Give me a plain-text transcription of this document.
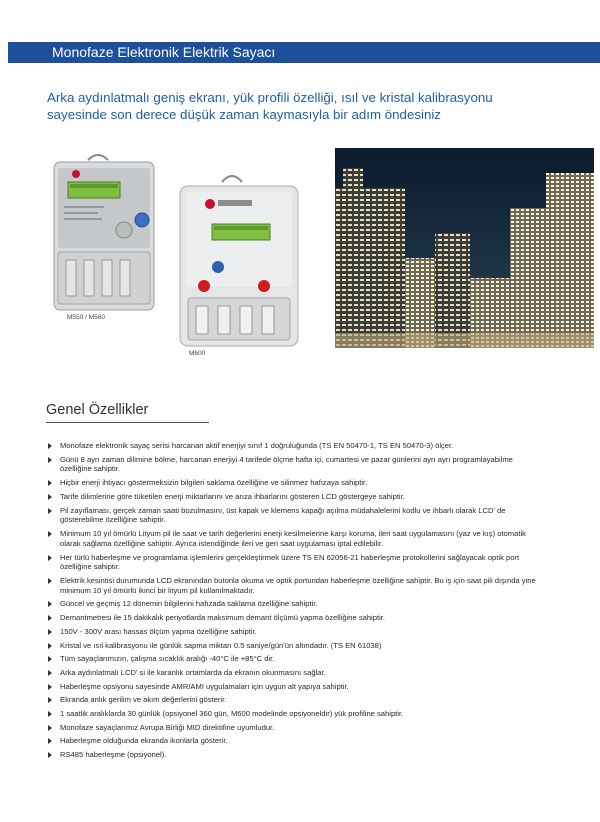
Monofaze Elektronik Elektrik Sayacı
Arka aydınlatmalı geniş ekranı, yük profili özelliği, ısıl ve kristal kalibrasyonu
sayesinde son derece düşük zaman kaymasıyla bir adım öndesiniz
M550 / M560
M600
Genel Özellikler
Monofaze elektronik sayaç serisi harcanan aktif enerjiyi sınıf 1 doğruluğunda (TS EN 50470-1, TS EN 50470-3) ölçer.
Günü 8 ayrı zaman dilimine bölme, harcanan enerjiyi 4 tarifede ölçme hafta içi, cumartesi ve pazar günlerini ayrı ayrı programlayabilme özelliğine sahiptir.
Hiçbir enerji ihtiyacı göstermeksizin bilgileri saklama özelliğine ve silinmez hafızaya sahiptir.
Tarife dilimlerine göre tüketilen enerji miktarlarını ve arıza ihbarlarını gösteren LCD göstergeye sahiptir.
Pil zayıflaması, gerçek zaman saati bozulmasını, üst kapak ve klemens kapağı açılma müdahalelerini kodlu ve ihbarlı olarak LCD' de gösterebilme özelliğine sahiptir.
Minimum 10 yıl ömürlü Lityum pil ile saat ve tarih değerlerini enerji kesilmelerine karşı koruma, ileri saat uygulamasını (yaz ve kış) otomatik olarak sağlama özelliğine sahiptir. Ayrıca istendiğinde ileri ve geri saat uygulaması iptal edilebilir.
Her türlü haberleşme ve programlama işlemlerini gerçekleştirmek üzere TS EN 62056-21 haberleşme protokollerini sağlayacak optik port özelliğine sahiptir.
Elektrik kesintisi durumunda LCD ekranından butonla okuma ve optik portundan haberleşme özelliğine sahiptir. Bu iş için saat pili dışında yine minimum 10 yıl ömürlü ikinci bir lityum pil kullanılmaktadır.
Güncel ve geçmiş 12 dönemin bilgilerini hafızada saklama özelliğine sahiptir.
Demantmetresi ile 15 dakikalık periyotlarda maksimum demant ölçümü yapma özelliğine sahiptir.
150V - 300V arası hassas ölçüm yapma özelliğine sahiptir.
Kristal ve ısıl kalibrasyonu ile günlük sapma miktarı 0.5 saniye/gün'ün altındadır. (TS EN 61038)
Tüm sayaçlarımızın, çalışma sıcaklık aralığı -40°C ile +85°C dir.
Arka aydınlatmalı LCD' si ile karanlık ortamlarda da ekranın okunmasını sağlar.
Haberleşme opsiyonu sayesinde AMR/AMI uygulamaları için uygun alt yapıya sahiptir.
Ekranda anlık gerilim ve akım değerlerini gösterir.
1 saatlik aralıklarda 30 günlük (opsiyonel 360 gün, M600 modelinde opsiyoneldir) yük profiline sahiptir.
Monofaze sayaçlarımız Avrupa Birliği MID direktifine uyumludur.
Haberleşme olduğunda ekranda ikonlarla gösterir.
RS485 haberleşme (opsiyonel).
